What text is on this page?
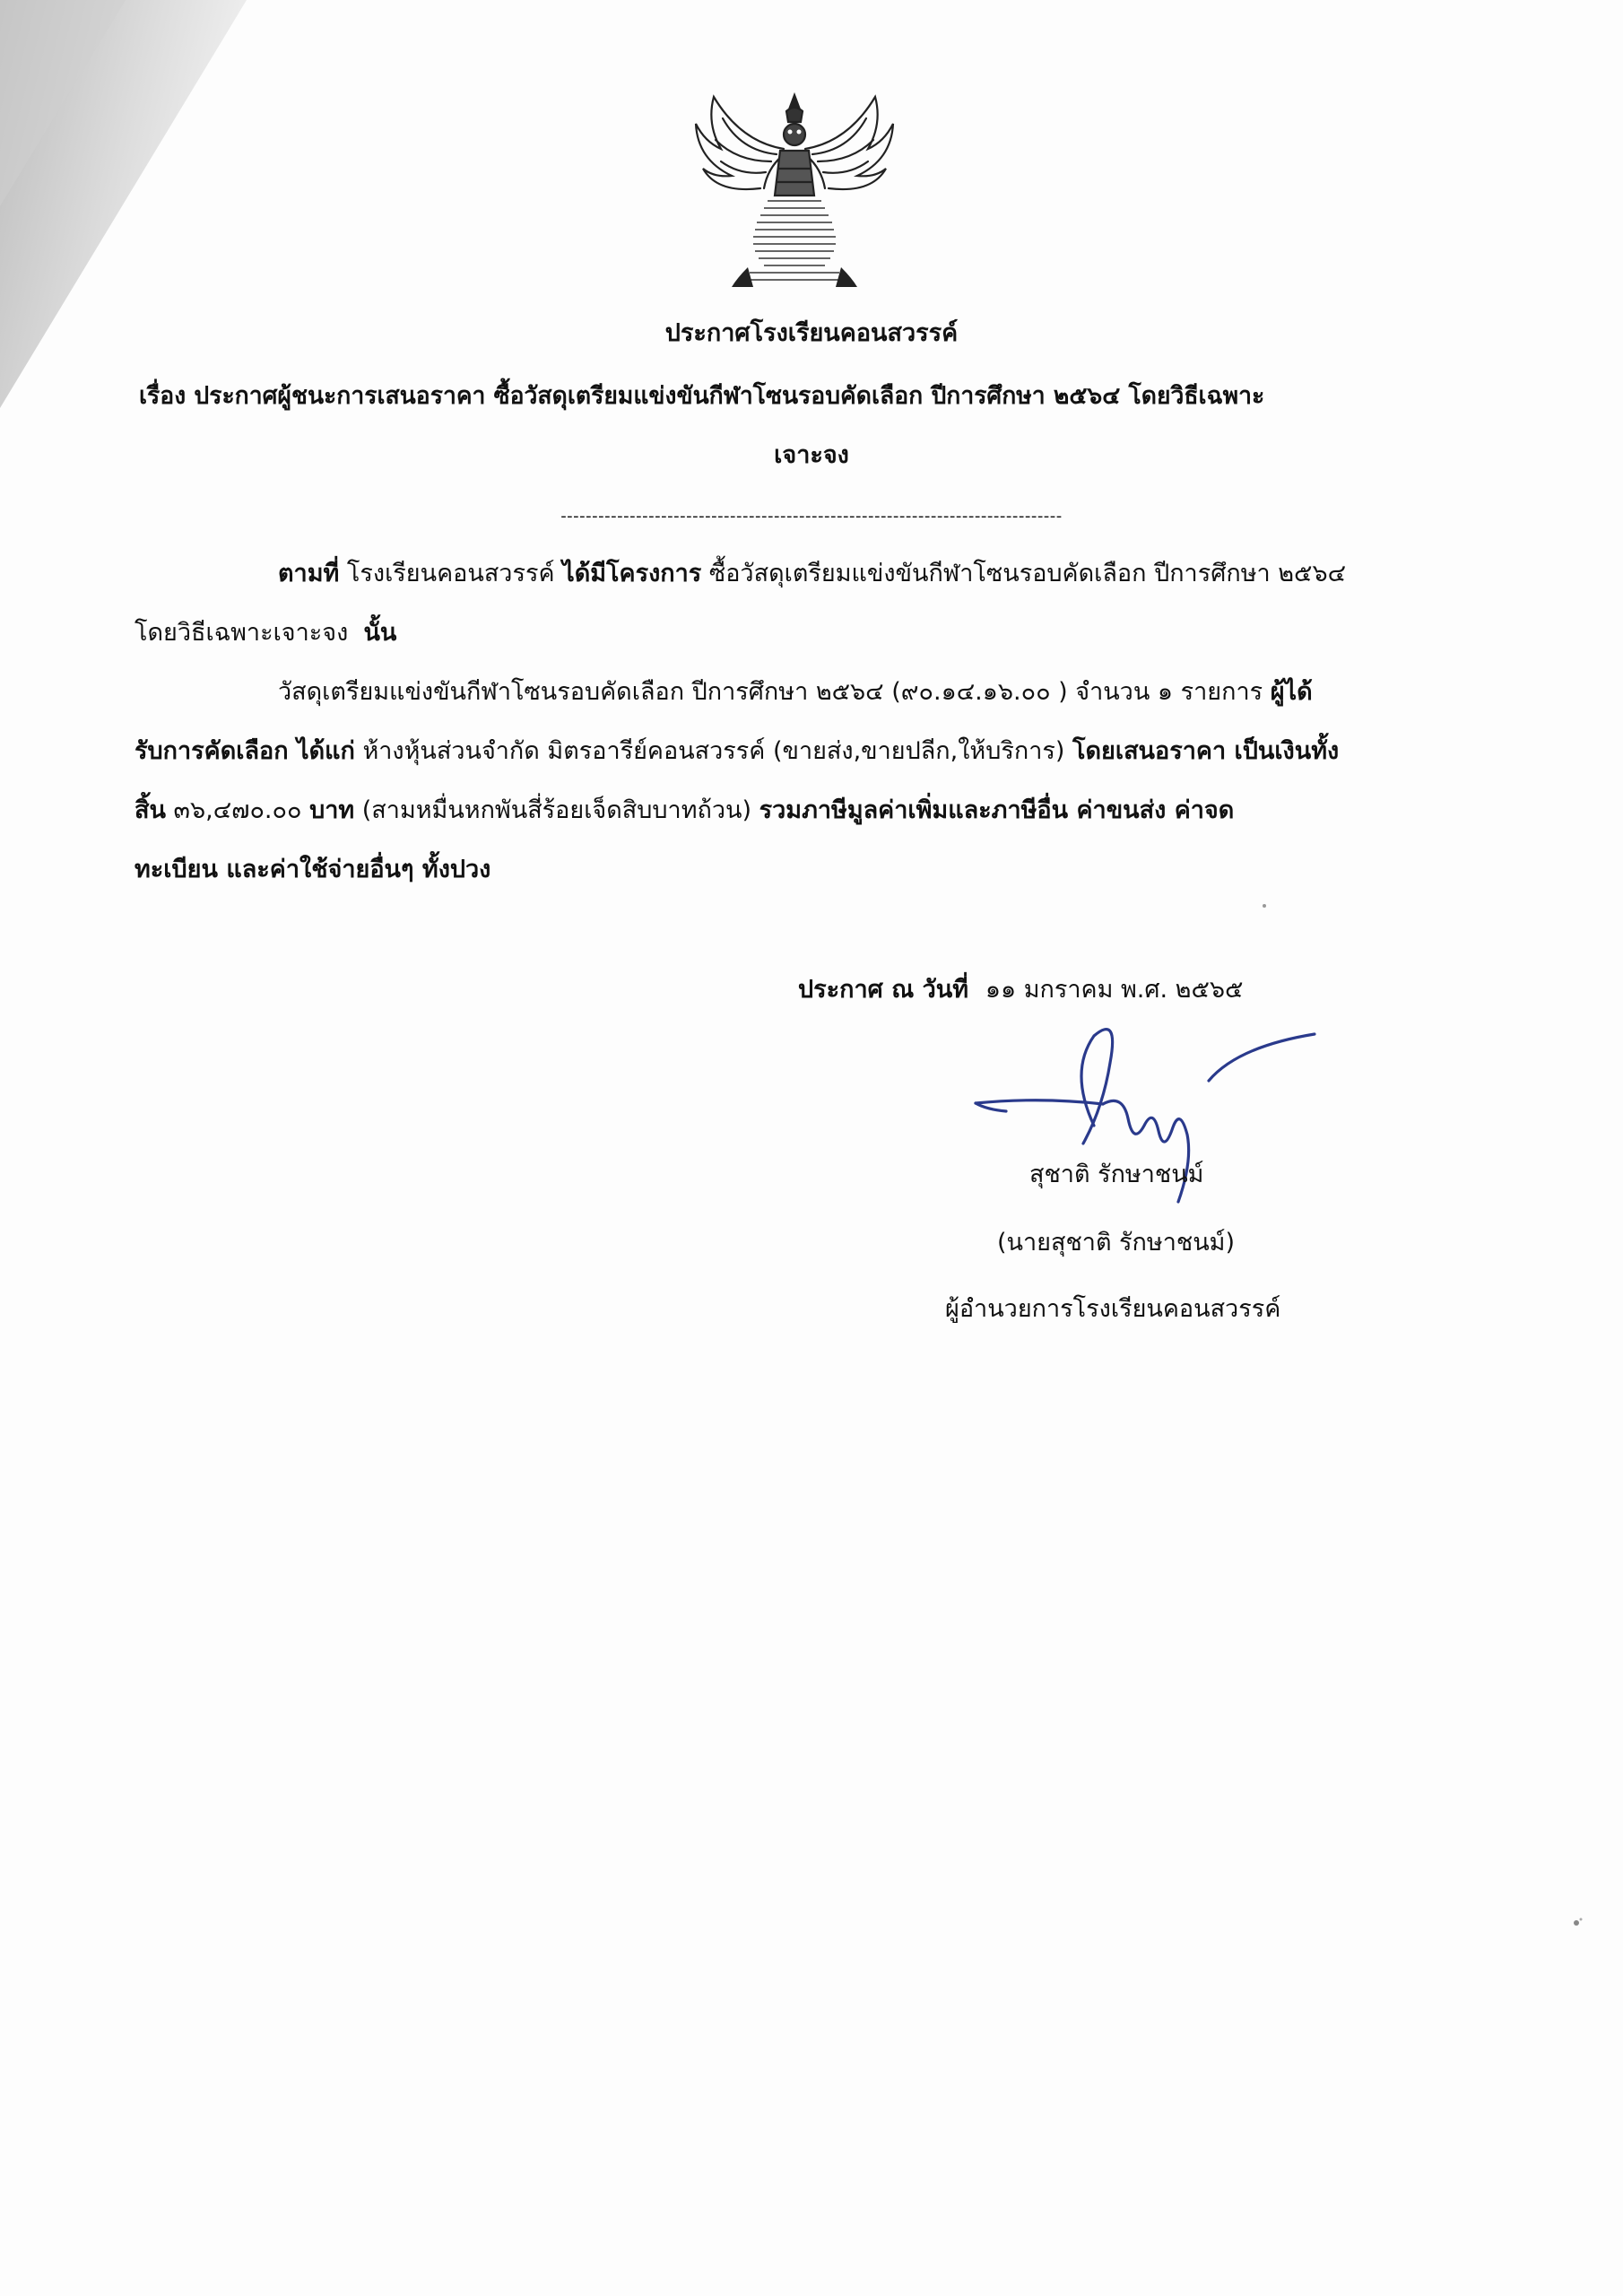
ประกาศโรงเรียนคอนสวรรค์
เรื่อง ประกาศผู้ชนะการเสนอราคา ซื้อวัสดุเตรียมแข่งขันกีฬาโซนรอบคัดเลือก ปีการศึกษา ๒๕๖๔ โดยวิธีเฉพาะ
เจาะจง
--------------------------------------------------------------------------------
ตามที่ โรงเรียนคอนสวรรค์ ได้มีโครงการ ซื้อวัสดุเตรียมแข่งขันกีฬาโซนรอบคัดเลือก ปีการศึกษา ๒๕๖๔
โดยวิธีเฉพาะเจาะจง นั้น
วัสดุเตรียมแข่งขันกีฬาโซนรอบคัดเลือก ปีการศึกษา ๒๕๖๔ (๙๐.๑๔.๑๖.๐๐ ) จำนวน ๑ รายการ ผู้ได้
รับการคัดเลือก ได้แก่ ห้างหุ้นส่วนจำกัด มิตรอารีย์คอนสวรรค์ (ขายส่ง,ขายปลีก,ให้บริการ) โดยเสนอราคา เป็นเงินทั้ง
สิ้น ๓๖,๔๗๐.๐๐ บาท (สามหมื่นหกพันสี่ร้อยเจ็ดสิบบาทถ้วน) รวมภาษีมูลค่าเพิ่มและภาษีอื่น ค่าขนส่ง ค่าจด
ทะเบียน และค่าใช้จ่ายอื่นๆ ทั้งปวง
ประกาศ ณ วันที่ ๑๑ มกราคม พ.ศ. ๒๕๖๕
สุชาติ รักษาชนม์
(นายสุชาติ รักษาชนม์)
ผู้อำนวยการโรงเรียนคอนสวรรค์
